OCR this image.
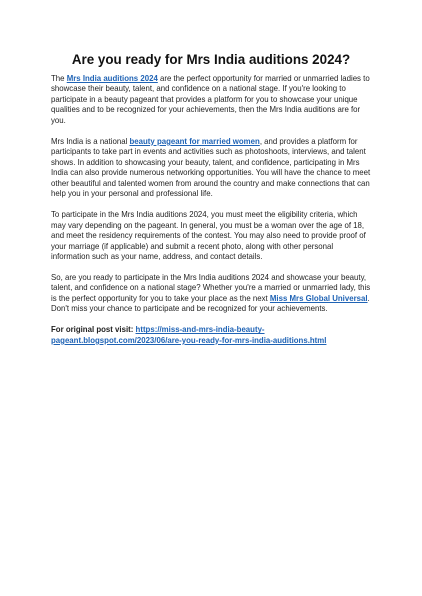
Are you ready for Mrs India auditions 2024?

The Mrs India auditions 2024 are the perfect opportunity for married or unmarried ladies to showcase their beauty, talent, and confidence on a national stage. If you're looking to participate in a beauty pageant that provides a platform for you to showcase your unique qualities and to be recognized for your achievements, then the Mrs India auditions are for you.

Mrs India is a national beauty pageant for married women, and provides a platform for participants to take part in events and activities such as photoshoots, interviews, and talent shows. In addition to showcasing your beauty, talent, and confidence, participating in Mrs India can also provide numerous networking opportunities. You will have the chance to meet other beautiful and talented women from around the country and make connections that can help you in your personal and professional life.

To participate in the Mrs India auditions 2024, you must meet the eligibility criteria, which may vary depending on the pageant. In general, you must be a woman over the age of 18, and meet the residency requirements of the contest. You may also need to provide proof of your marriage (if applicable) and submit a recent photo, along with other personal information such as your name, address, and contact details.

So, are you ready to participate in the Mrs India auditions 2024 and showcase your beauty, talent, and confidence on a national stage? Whether you're a married or unmarried lady, this is the perfect opportunity for you to take your place as the next Miss Mrs Global Universal. Don't miss your chance to participate and be recognized for your achievements.

For original post visit: https://miss-and-mrs-india-beauty-pageant.blogspot.com/2023/06/are-you-ready-for-mrs-india-auditions.html
